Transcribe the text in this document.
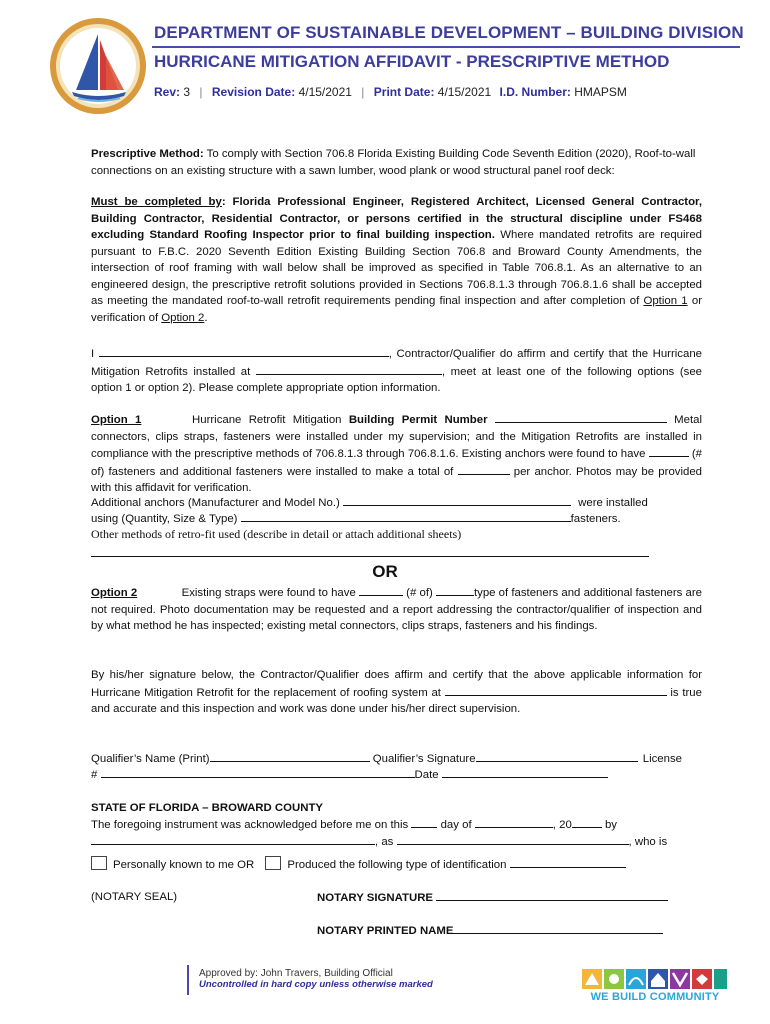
DEPARTMENT OF SUSTAINABLE DEVELOPMENT – BUILDING DIVISION
HURRICANE MITIGATION AFFIDAVIT - PRESCRIPTIVE METHOD
Rev: 3 | Revision Date: 4/15/2021 | Print Date: 4/15/2021 I.D. Number: HMAPSM
Prescriptive Method: To comply with Section 706.8 Florida Existing Building Code Seventh Edition (2020), Roof-to-wall connections on an existing structure with a sawn lumber, wood plank or wood structural panel roof deck:
Must be completed by: Florida Professional Engineer, Registered Architect, Licensed General Contractor, Building Contractor, Residential Contractor, or persons certified in the structural discipline under FS468 excluding Standard Roofing Inspector prior to final building inspection. Where mandated retrofits are required pursuant to F.B.C. 2020 Seventh Edition Existing Building Section 706.8 and Broward County Amendments, the intersection of roof framing with wall below shall be improved as specified in Table 706.8.1. As an alternative to an engineered design, the prescriptive retrofit solutions provided in Sections 706.8.1.3 through 706.8.1.6 shall be accepted as meeting the mandated roof-to-wall retrofit requirements pending final inspection and after completion of Option 1 or verification of Option 2.
I	, Contractor/Qualifier do affirm and certify that the Hurricane Mitigation Retrofits installed at	, meet at least one of the following options (see option 1 or option 2). Please complete appropriate option information.
Option 1	Hurricane Retrofit Mitigation Building Permit Number	Metal connectors, clips straps, fasteners were installed under my supervision; and the Mitigation Retrofits are installed in compliance with the prescriptive methods of 706.8.1.3 through 706.8.1.6. Existing anchors were found to have	(# of) fasteners and additional fasteners were installed to make a total of	per anchor. Photos may be provided with this affidavit for verification.
Additional anchors (Manufacturer and Model No.)	were installed
using (Quantity, Size & Type)	fasteners.
Other methods of retro-fit used (describe in detail or attach additional sheets)
OR
Option 2	Existing straps were found to have	(# of)	type of fasteners and additional fasteners are not required. Photo documentation may be requested and a report addressing the contractor/qualifier of inspection and by what method he has inspected; existing metal connectors, clips straps, fasteners and his findings.
By his/her signature below, the Contractor/Qualifier does affirm and certify that the above applicable information for Hurricane Mitigation Retrofit for the replacement of roofing system at	is true and accurate and this inspection and work was done under his/her direct supervision.
Qualifier’s Name (Print)	Qualifier’s Signature	License
#	Date
STATE OF FLORIDA – BROWARD COUNTY
The foregoing instrument was acknowledged before me on this	day of	, 20	by
, as	, who is
Personally known to me OR	Produced the following type of identification
(NOTARY SEAL)	NOTARY SIGNATURE
NOTARY PRINTED NAME
Approved by: John Travers, Building Official
Uncontrolled in hard copy unless otherwise marked
WE BUILD COMMUNITY
